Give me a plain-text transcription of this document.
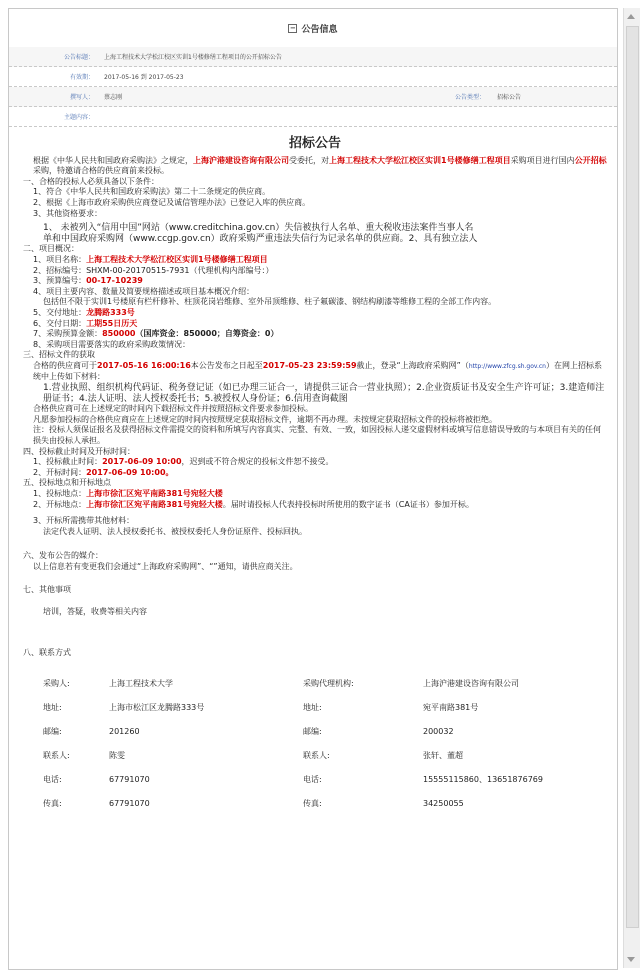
− 公告信息
公告标题：	上海工程技术大学松江校区实训1号楼修缮工程项目的公开招标公告
有效期：	2017-05-16 到 2017-05-23
撰写人：	蔡志刚	公告类型：	招标公告
主题内容：
招标公告
根据《中华人民共和国政府采购法》之规定，上海沪港建设咨询有限公司受委托，对上海工程技术大学松江校区实训1号楼修缮工程项目采购项目进行国内公开招标采购，特邀请合格的供应商前来投标。
一、合格的投标人必须具备以下条件：
1、符合《中华人民共和国政府采购法》第二十二条规定的供应商。
2、根据《上海市政府采购供应商登记及诚信管理办法》已登记入库的供应商。
3、其他资格要求：
1、 未被列入“信用中国”网站（www.creditchina.gov.cn）失信被执行人名单、重大税收违法案件当事人名
单和中国政府采购网（www.ccgp.gov.cn）政府采购严重违法失信行为记录名单的供应商。2、具有独立法人
二、项目概况：
1、项目名称：上海工程技术大学松江校区实训1号楼修缮工程项目
2、招标编号：SHXM-00-20170515-7931（代理机构内部编号：）
3、预算编号：00-17-10239
4、项目主要内容、数量及简要规格描述或项目基本概况介绍：
包括但不限于实训1号楼原有栏杆修补、柱顶花岗岩维修、室外吊顶维修、柱子氟碳漆、钢结构刷漆等维修工程的全部工作内容。
5、交付地址：龙腾路333号
6、交付日期：工期55日历天
7、采购预算金额：850000（国库资金：850000；自筹资金：0）
8、采购项目需要落实的政府采购政策情况：
三、招标文件的获取
合格的供应商可于2017-05-16 16:00:16本公告发布之日起至2017-05-23 23:59:59截止，登录“上海政府采购网”（http://www.zfcg.sh.gov.cn）在网上招标系统中上传如下材料：
1.营业执照、组织机构代码证、税务登记证（如已办理三证合一，请提供三证合一营业执照）；2.企业资质证书及安全生产许可证；3.建造师注册证书；4.法人证明、法人授权委托书；5.被授权人身份证；6.信用查询截图
合格供应商可在上述规定的时间内下载招标文件并按照招标文件要求参加投标。
凡愿参加投标的合格供应商应在上述规定的时间内按照规定获取招标文件，逾期不再办理。未按规定获取招标文件的投标将被拒绝。
注：投标人须保证报名及获得招标文件需提交的资料和所填写内容真实、完整、有效、一致，如因投标人递交虚假材料或填写信息错误导致的与本项目有关的任何损失由投标人承担。
四、投标截止时间及开标时间：
1、投标截止时间：2017-06-09 10:00，迟到或不符合规定的投标文件恕不接受。
2、开标时间：2017-06-09 10:00。
五、投标地点和开标地点
1、投标地点：上海市徐汇区宛平南路381号宛轻大楼
2、开标地点：上海市徐汇区宛平南路381号宛轻大楼。届时请投标人代表持投标时所使用的数字证书（CA证书）参加开标。
3、开标所需携带其他材料：
法定代表人证明、法人授权委托书、被授权委托人身份证原件、投标回执。
六、发布公告的媒介：
以上信息若有变更我们会通过“上海政府采购网”、“”通知，请供应商关注。
七、其他事项
培训，答疑，收费等相关内容
八、联系方式
采购人:	上海工程技术大学	采购代理机构:	上海沪港建设咨询有限公司
地址:	上海市松江区龙腾路333号	地址:	宛平南路381号
邮编:	201260	邮编:	200032
联系人:	陈雯	联系人:	张轩、董超
电话:	67791070	电话:	15555115860、13651876769
传真:	67791070	传真:	34250055
